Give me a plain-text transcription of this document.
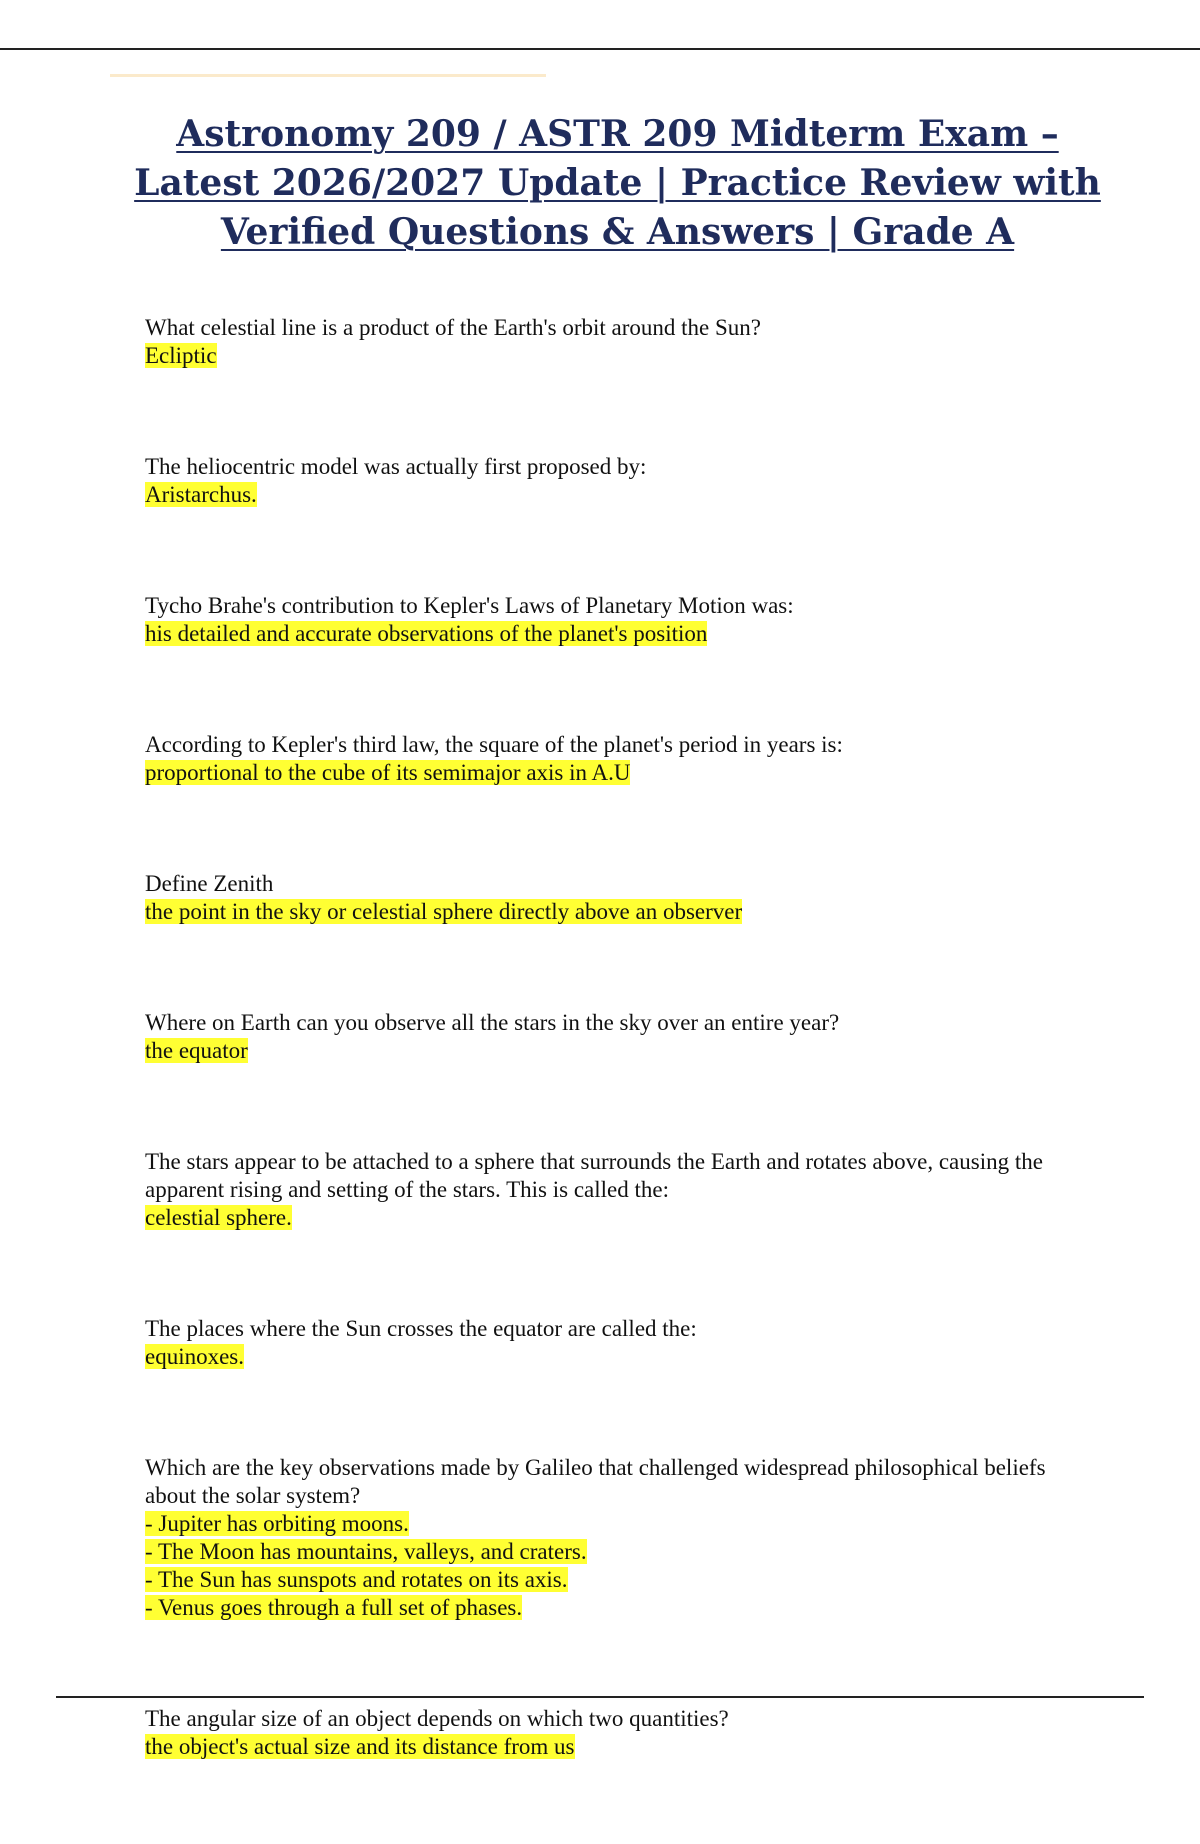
Astronomy 209 / ASTR 209 Midterm Exam –
Latest 2026/2027 Update | Practice Review with
Verified Questions & Answers | Grade A
What celestial line is a product of the Earth's orbit around the Sun?
Ecliptic
The heliocentric model was actually first proposed by:
Aristarchus.
Tycho Brahe's contribution to Kepler's Laws of Planetary Motion was:
his detailed and accurate observations of the planet's position
According to Kepler's third law, the square of the planet's period in years is:
proportional to the cube of its semimajor axis in A.U
Define Zenith
the point in the sky or celestial sphere directly above an observer
Where on Earth can you observe all the stars in the sky over an entire year?
the equator
The stars appear to be attached to a sphere that surrounds the Earth and rotates above, causing the apparent rising and setting of the stars. This is called the:
celestial sphere.
The places where the Sun crosses the equator are called the:
equinoxes.
Which are the key observations made by Galileo that challenged widespread philosophical beliefs about the solar system?
- Jupiter has orbiting moons.
- The Moon has mountains, valleys, and craters.
- The Sun has sunspots and rotates on its axis.
- Venus goes through a full set of phases.
The angular size of an object depends on which two quantities?
the object's actual size and its distance from us
